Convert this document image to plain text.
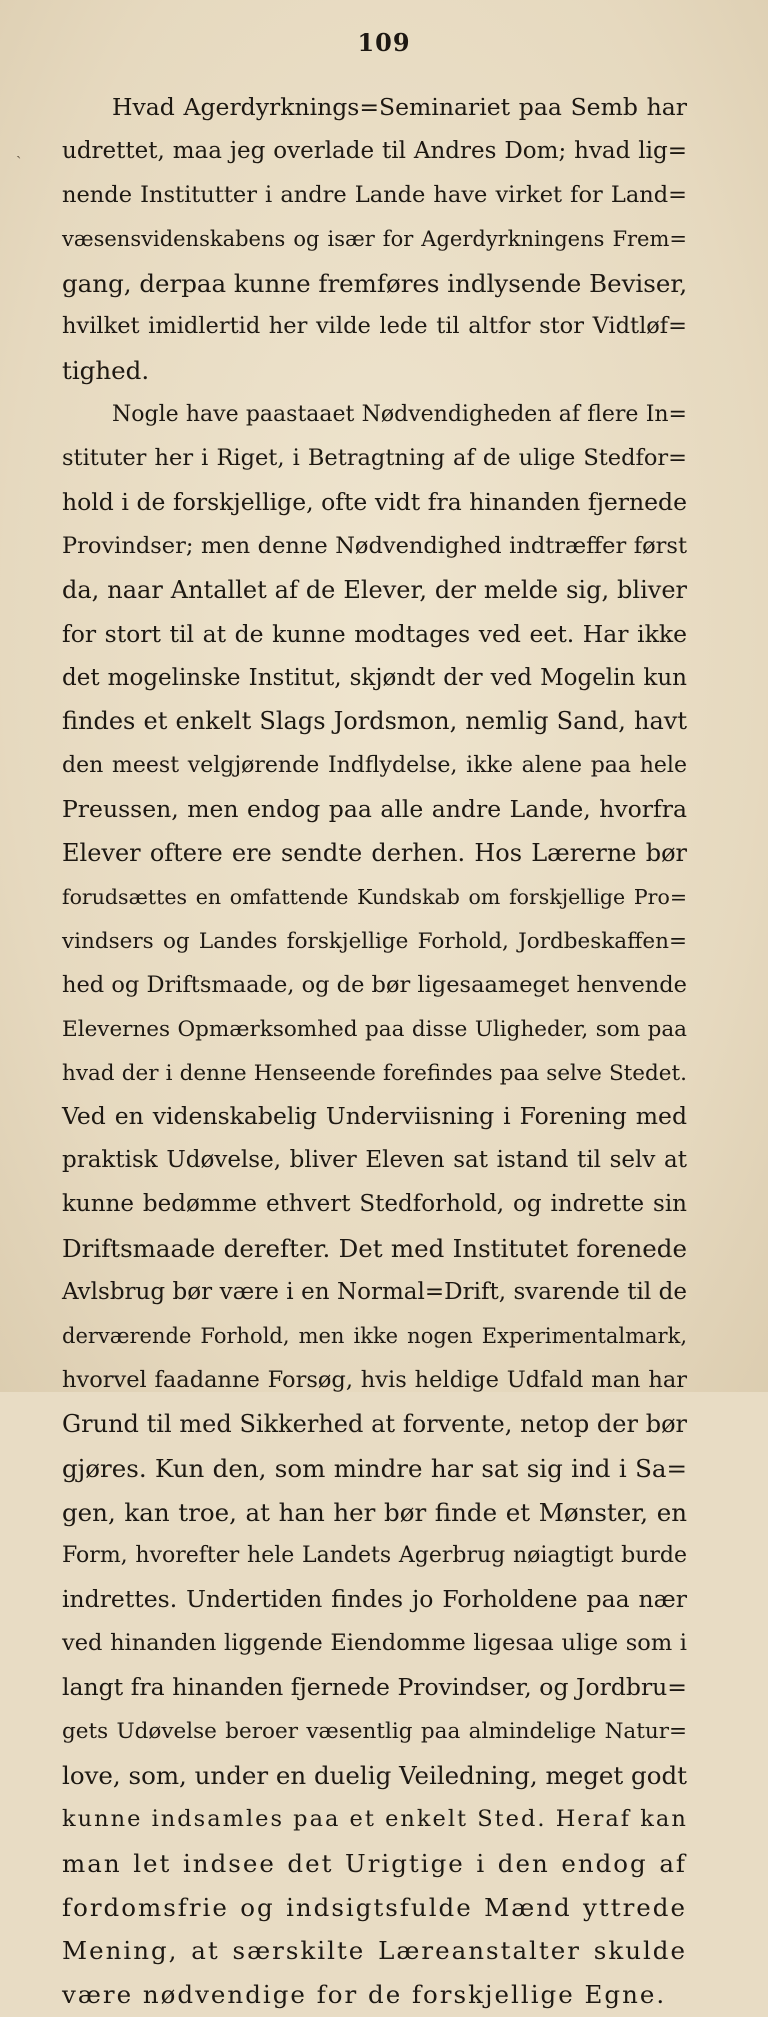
ˎ
109
Hvad Agerdyrknings=Seminariet paa Semb har
udrettet, maa jeg overlade til Andres Dom; hvad lig=
nende Institutter i andre Lande have virket for Land=
væsensvidenskabens og især for Agerdyrkningens Frem=
gang, derpaa kunne fremføres indlysende Beviser,
hvilket imidlertid her vilde lede til altfor stor Vidtløf=
tighed.
Nogle have paastaaet Nødvendigheden af flere In=
stituter her i Riget, i Betragtning af de ulige Stedfor=
hold i de forskjellige, ofte vidt fra hinanden fjernede
Provindser; men denne Nødvendighed indtræffer først
da, naar Antallet af de Elever, der melde sig, bliver
for stort til at de kunne modtages ved eet. Har ikke
det mogelinske Institut, skjøndt der ved Mogelin kun
findes et enkelt Slags Jordsmon, nemlig Sand, havt
den meest velgjørende Indflydelse, ikke alene paa hele
Preussen, men endog paa alle andre Lande, hvorfra
Elever oftere ere sendte derhen. Hos Lærerne bør
forudsættes en omfattende Kundskab om forskjellige Pro=
vindsers og Landes forskjellige Forhold, Jordbeskaffen=
hed og Driftsmaade, og de bør ligesaameget henvende
Elevernes Opmærksomhed paa disse Uligheder, som paa
hvad der i denne Henseende forefindes paa selve Stedet.
Ved en videnskabelig Underviisning i Forening med
praktisk Udøvelse, bliver Eleven sat istand til selv at
kunne bedømme ethvert Stedforhold, og indrette sin
Driftsmaade derefter. Det med Institutet forenede
Avlsbrug bør være i en Normal=Drift, svarende til de
derværende Forhold, men ikke nogen Experimentalmark,
hvorvel faadanne Forsøg, hvis heldige Udfald man har
Grund til med Sikkerhed at forvente, netop der bør
gjøres. Kun den, som mindre har sat sig ind i Sa=
gen, kan troe, at han her bør finde et Mønster, en
Form, hvorefter hele Landets Agerbrug nøiagtigt burde
indrettes. Undertiden findes jo Forholdene paa nær
ved hinanden liggende Eiendomme ligesaa ulige som i
langt fra hinanden fjernede Provindser, og Jordbru=
gets Udøvelse beroer væsentlig paa almindelige Natur=
love, som, under en duelig Veiledning, meget godt
kunne indsamles paa et enkelt Sted. Heraf kan
man let indsee det Urigtige i den endog af
fordomsfrie og indsigtsfulde Mænd yttrede
Mening, at særskilte Læreanstalter skulde
være nødvendige for de forskjellige Egne.
